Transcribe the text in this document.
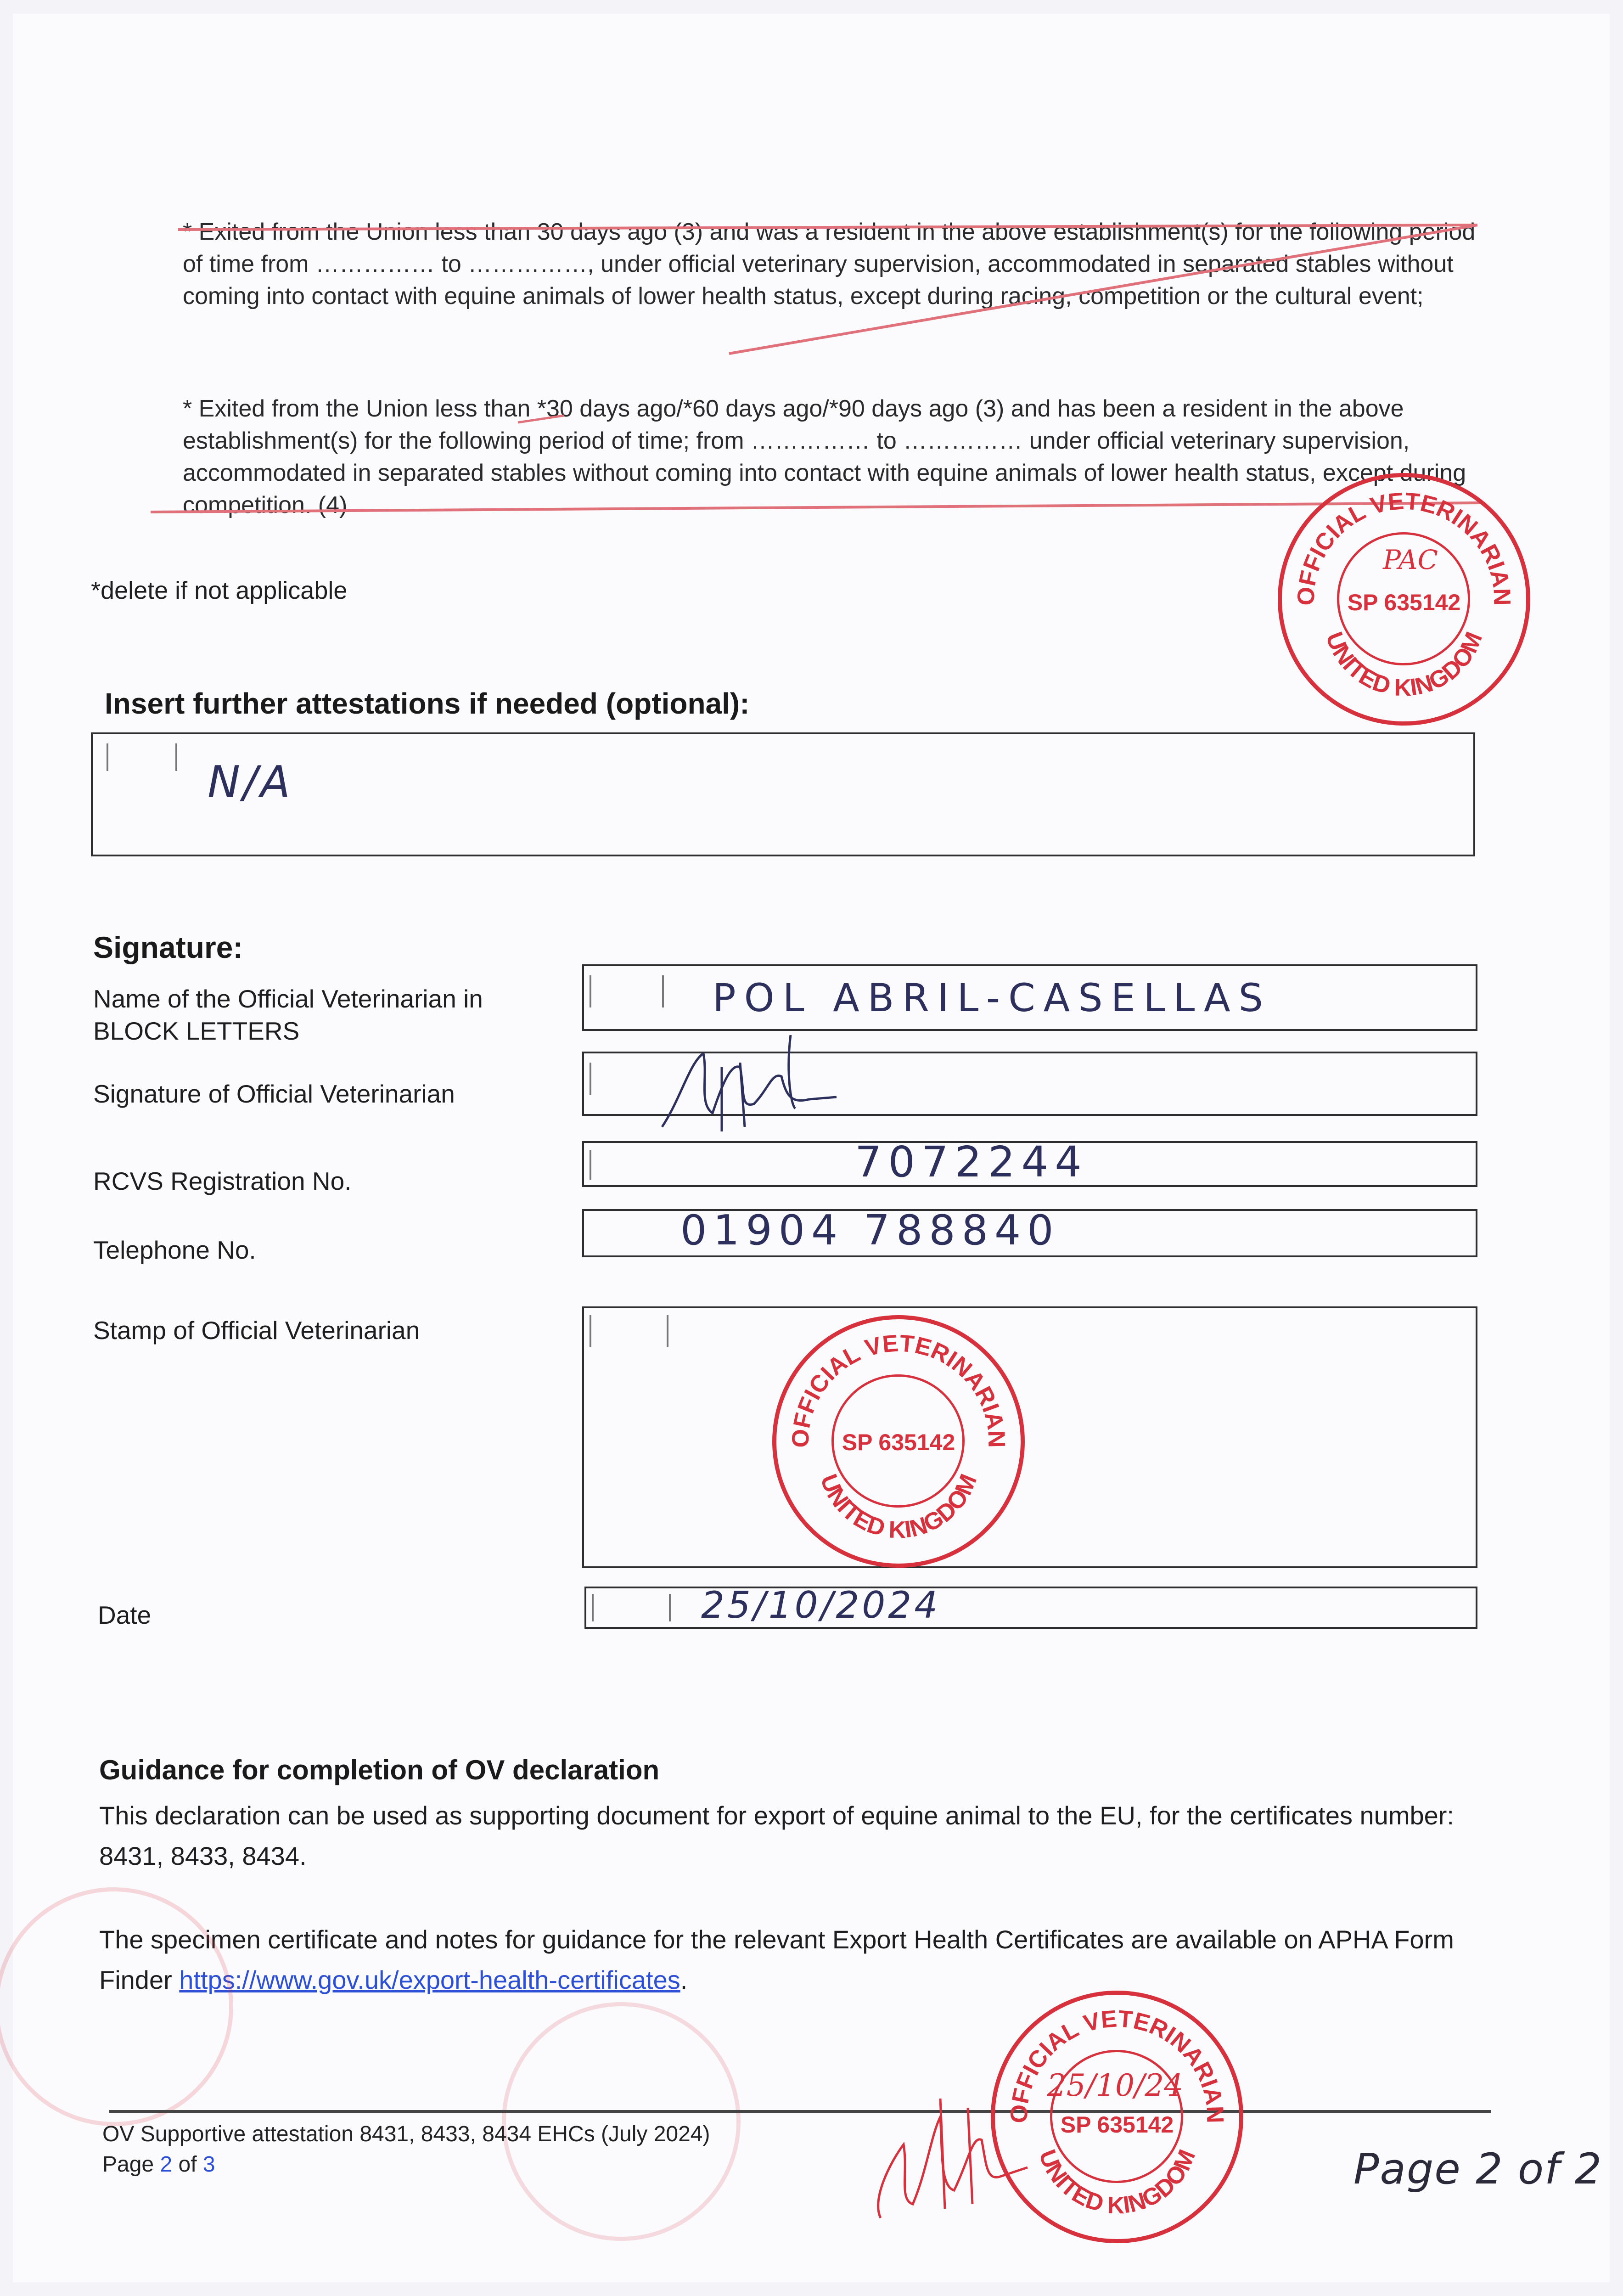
* Exited from the Union less than 30 days ago (3) and was a resident in the above establishment(s) for the following period of time from …………… to ……………, under official veterinary supervision, accommodated in separated stables without coming into contact with equine animals of lower health status, except during racing, competition or the cultural event;
* Exited from the Union less than *30 days ago/*60 days ago/*90 days ago (3) and has been a resident in the above establishment(s) for the following period of time; from …………… to …………… under official veterinary supervision, accommodated in separated stables without coming into contact with equine animals of lower health status, except during competition. (4)
*delete if not applicable	OFFICIAL VETERINARIAN
UNITED KINGDOM
SP 635142
PAC
Insert further attestations if needed (optional):
N/A
Signature:
Name of the Official Veterinarian in BLOCK LETTERS
POL ABRIL-CASELLAS
Signature of Official Veterinarian
RCVS Registration No.	7072244
Telephone No.	01904 788840
Stamp of Official Veterinarian
OFFICIAL VETERINARIAN
UNITED KINGDOM
SP 635142
Date	25/10/2024
Guidance for completion of OV declaration
This declaration can be used as supporting document for export of equine animal to the EU, for the certificates number: 8431, 8433, 8434.
The specimen certificate and notes for guidance for the relevant Export Health Certificates are available on APHA Form Finder https://www.gov.uk/export-health-certificates.
OV Supportive attestation 8431, 8433, 8434 EHCs (July 2024)
Page 2 of 3
OFFICIAL VETERINARIAN
UNITED KINGDOM
SP 635142
25/10/24
Page 2 of 2
